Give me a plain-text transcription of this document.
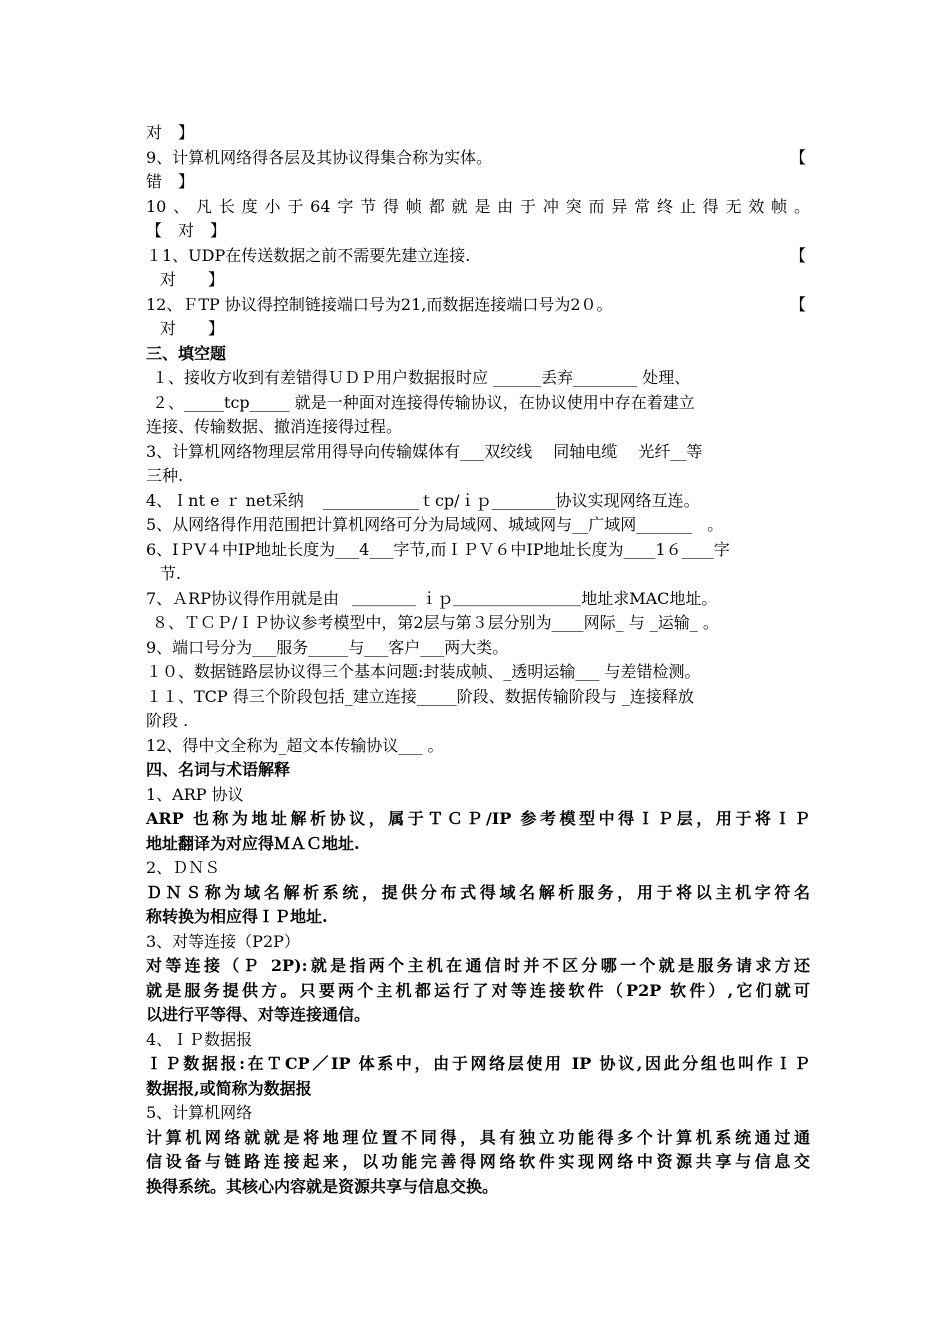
对　】
9、计算机网络得各层及其协议得集合称为实体。	【
错　】
10、凡长度小于64字节得帧都就是由于冲突而异常终止得无效帧。
【　对　】
１1、UDP在传送数据之前不需要先建立连接.	【
对　　】
12、ＦTP 协议得控制链接端口号为21,而数据连接端口号为2０。	【
对　　】
三、填空题
１、接收方收到有差错得ＵＤＰ用户数据报时应 ______丢弃________ 处理、
２、_____tcp_____ 就是一种面对连接得传输协议，在协议使用中存在着建立
连接、传输数据、撤消连接得过程。
3、计算机网络物理层常用得导向传输媒体有___双绞线　 同轴电缆　 光纤__等
三种.
4、Ｉnt e ｒ net采纳 ____________ｔcp/ｉｐ________协议实现网络互连。
5、从网络得作用范围把计算机网络可分为局域网、城域网与__广域网_______ 。
6、IＰV４中IP地址长度为___4___字节,而ＩＰＶ６中IP地址长度为____1６____字
节.
7、ＡRP协议得作用就是由 ＿＿＿＿ ｉｐ＿＿＿＿＿＿＿＿地址求MAC地址。
８、ＴＣＰ/ＩＰ协议参考模型中，第2层与第３层分别为____网际_ 与 _运输_ 。
9、端口号分为___服务_____与___客户___两大类。
１０、数据链路层协议得三个基本问题:封装成帧、_透明运输___ 与差错检测。
１１、TCP 得三个阶段包括_建立连接_____阶段、数据传输阶段与 _连接释放
阶段 .
12、得中文全称为_超文本传输协议___ 。
四、名词与术语解释
1、ARP 协议
ARP 也称为地址解析协议，属于ＴＣＰ/IP 参考模型中得ＩＰ层，用于将ＩＰ
地址翻译为对应得ＭＡＣ地址.
2、ＤＮＳ
ＤＮＳ称为域名解析系统，提供分布式得域名解析服务，用于将以主机字符名
称转换为相应得ＩＰ地址.
3、对等连接（P2P）
对等连接（Ｐ 2P):就是指两个主机在通信时并不区分哪一个就是服务请求方还
就是服务提供方。只要两个主机都运行了对等连接软件（P2P 软件）,它们就可
以进行平等得、对等连接通信。
4、ＩＰ数据报
ＩＰ数据报:在ＴCP／IP 体系中，由于网络层使用 IP 协议,因此分组也叫作ＩＰ
数据报,或简称为数据报
5、计算机网络
计算机网络就就是将地理位置不同得，具有独立功能得多个计算机系统通过通
信设备与链路连接起来，以功能完善得网络软件实现网络中资源共享与信息交
换得系统。其核心内容就是资源共享与信息交换。
